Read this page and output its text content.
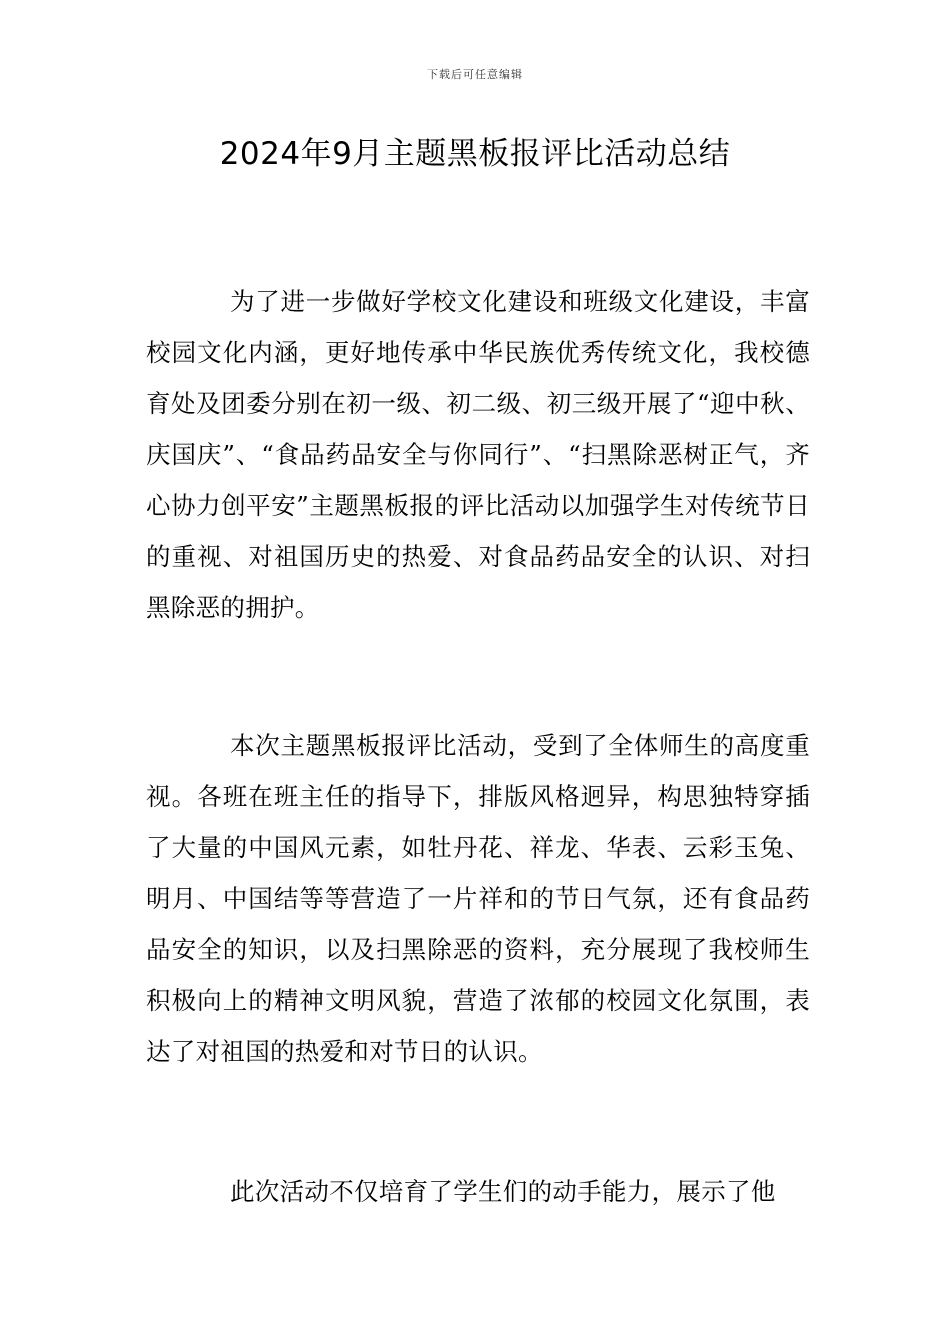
下载后可任意编辑
2024年9月主题黑板报评比活动总结

为了进一步做好学校文化建设和班级文化建设，丰富校园文化内涵，更好地传承中华民族优秀传统文化，我校德育处及团委分别在初一级、初二级、初三级开展了“迎中秋、庆国庆”、“食品药品安全与你同行”、“扫黑除恶树正气，齐心协力创平安”主题黑板报的评比活动以加强学生对传统节日的重视、对祖国历史的热爱、对食品药品安全的认识、对扫黑除恶的拥护。

本次主题黑板报评比活动，受到了全体师生的高度重视。各班在班主任的指导下，排版风格迥异，构思独特穿插了大量的中国风元素，如牡丹花、祥龙、华表、云彩玉兔、明月、中国结等等营造了一片祥和的节日气氛，还有食品药品安全的知识，以及扫黑除恶的资料，充分展现了我校师生积极向上的精神文明风貌，营造了浓郁的校园文化氛围，表达了对祖国的热爱和对节日的认识。

此次活动不仅培育了学生们的动手能力，展示了他
